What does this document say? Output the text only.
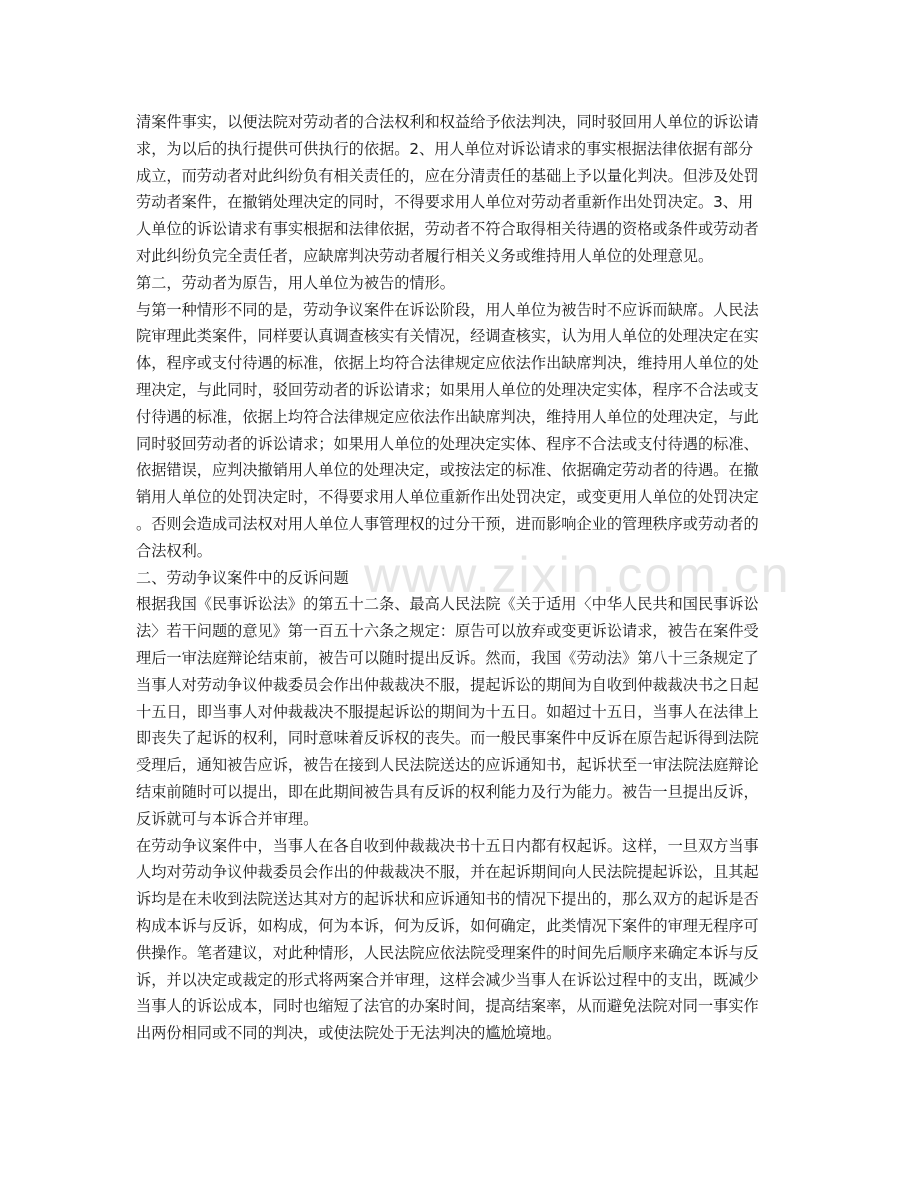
www.zixin.com.cn
清案件事实，以便法院对劳动者的合法权利和权益给予依法判决，同时驳回用人单位的诉讼请
求，为以后的执行提供可供执行的依据。2、用人单位对诉讼请求的事实根据法律依据有部分
成立，而劳动者对此纠纷负有相关责任的，应在分清责任的基础上予以量化判决。但涉及处罚
劳动者案件，在撤销处理决定的同时，不得要求用人单位对劳动者重新作出处罚决定。3、用
人单位的诉讼请求有事实根据和法律依据，劳动者不符合取得相关待遇的资格或条件或劳动者
对此纠纷负完全责任者，应缺席判决劳动者履行相关义务或维持用人单位的处理意见。
第二，劳动者为原告，用人单位为被告的情形。
与第一种情形不同的是，劳动争议案件在诉讼阶段，用人单位为被告时不应诉而缺席。人民法
院审理此类案件，同样要认真调查核实有关情况，经调查核实，认为用人单位的处理决定在实
体，程序或支付待遇的标准，依据上均符合法律规定应依法作出缺席判决，维持用人单位的处
理决定，与此同时，驳回劳动者的诉讼请求；如果用人单位的处理决定实体，程序不合法或支
付待遇的标准，依据上均符合法律规定应依法作出缺席判决，维持用人单位的处理决定，与此
同时驳回劳动者的诉讼请求；如果用人单位的处理决定实体、程序不合法或支付待遇的标准、
依据错误，应判决撤销用人单位的处理决定，或按法定的标准、依据确定劳动者的待遇。在撤
销用人单位的处罚决定时，不得要求用人单位重新作出处罚决定，或变更用人单位的处罚决定
。否则会造成司法权对用人单位人事管理权的过分干预，进而影响企业的管理秩序或劳动者的
合法权利。
二、劳动争议案件中的反诉问题
根据我国《民事诉讼法》的第五十二条、最高人民法院《关于适用〈中华人民共和国民事诉讼
法〉若干问题的意见》第一百五十六条之规定：原告可以放弃或变更诉讼请求，被告在案件受
理后一审法庭辩论结束前，被告可以随时提出反诉。然而，我国《劳动法》第八十三条规定了
当事人对劳动争议仲裁委员会作出仲裁裁决不服，提起诉讼的期间为自收到仲裁裁决书之日起
十五日，即当事人对仲裁裁决不服提起诉讼的期间为十五日。如超过十五日，当事人在法律上
即丧失了起诉的权利，同时意味着反诉权的丧失。而一般民事案件中反诉在原告起诉得到法院
受理后，通知被告应诉，被告在接到人民法院送达的应诉通知书，起诉状至一审法院法庭辩论
结束前随时可以提出，即在此期间被告具有反诉的权利能力及行为能力。被告一旦提出反诉，
反诉就可与本诉合并审理。
在劳动争议案件中，当事人在各自收到仲裁裁决书十五日内都有权起诉。这样，一旦双方当事
人均对劳动争议仲裁委员会作出的仲裁裁决不服，并在起诉期间向人民法院提起诉讼，且其起
诉均是在未收到法院送达其对方的起诉状和应诉通知书的情况下提出的，那么双方的起诉是否
构成本诉与反诉，如构成，何为本诉，何为反诉，如何确定，此类情况下案件的审理无程序可
供操作。笔者建议，对此种情形，人民法院应依法院受理案件的时间先后顺序来确定本诉与反
诉，并以决定或裁定的形式将两案合并审理，这样会减少当事人在诉讼过程中的支出，既减少
当事人的诉讼成本，同时也缩短了法官的办案时间，提高结案率，从而避免法院对同一事实作
出两份相同或不同的判决，或使法院处于无法判决的尴尬境地。
